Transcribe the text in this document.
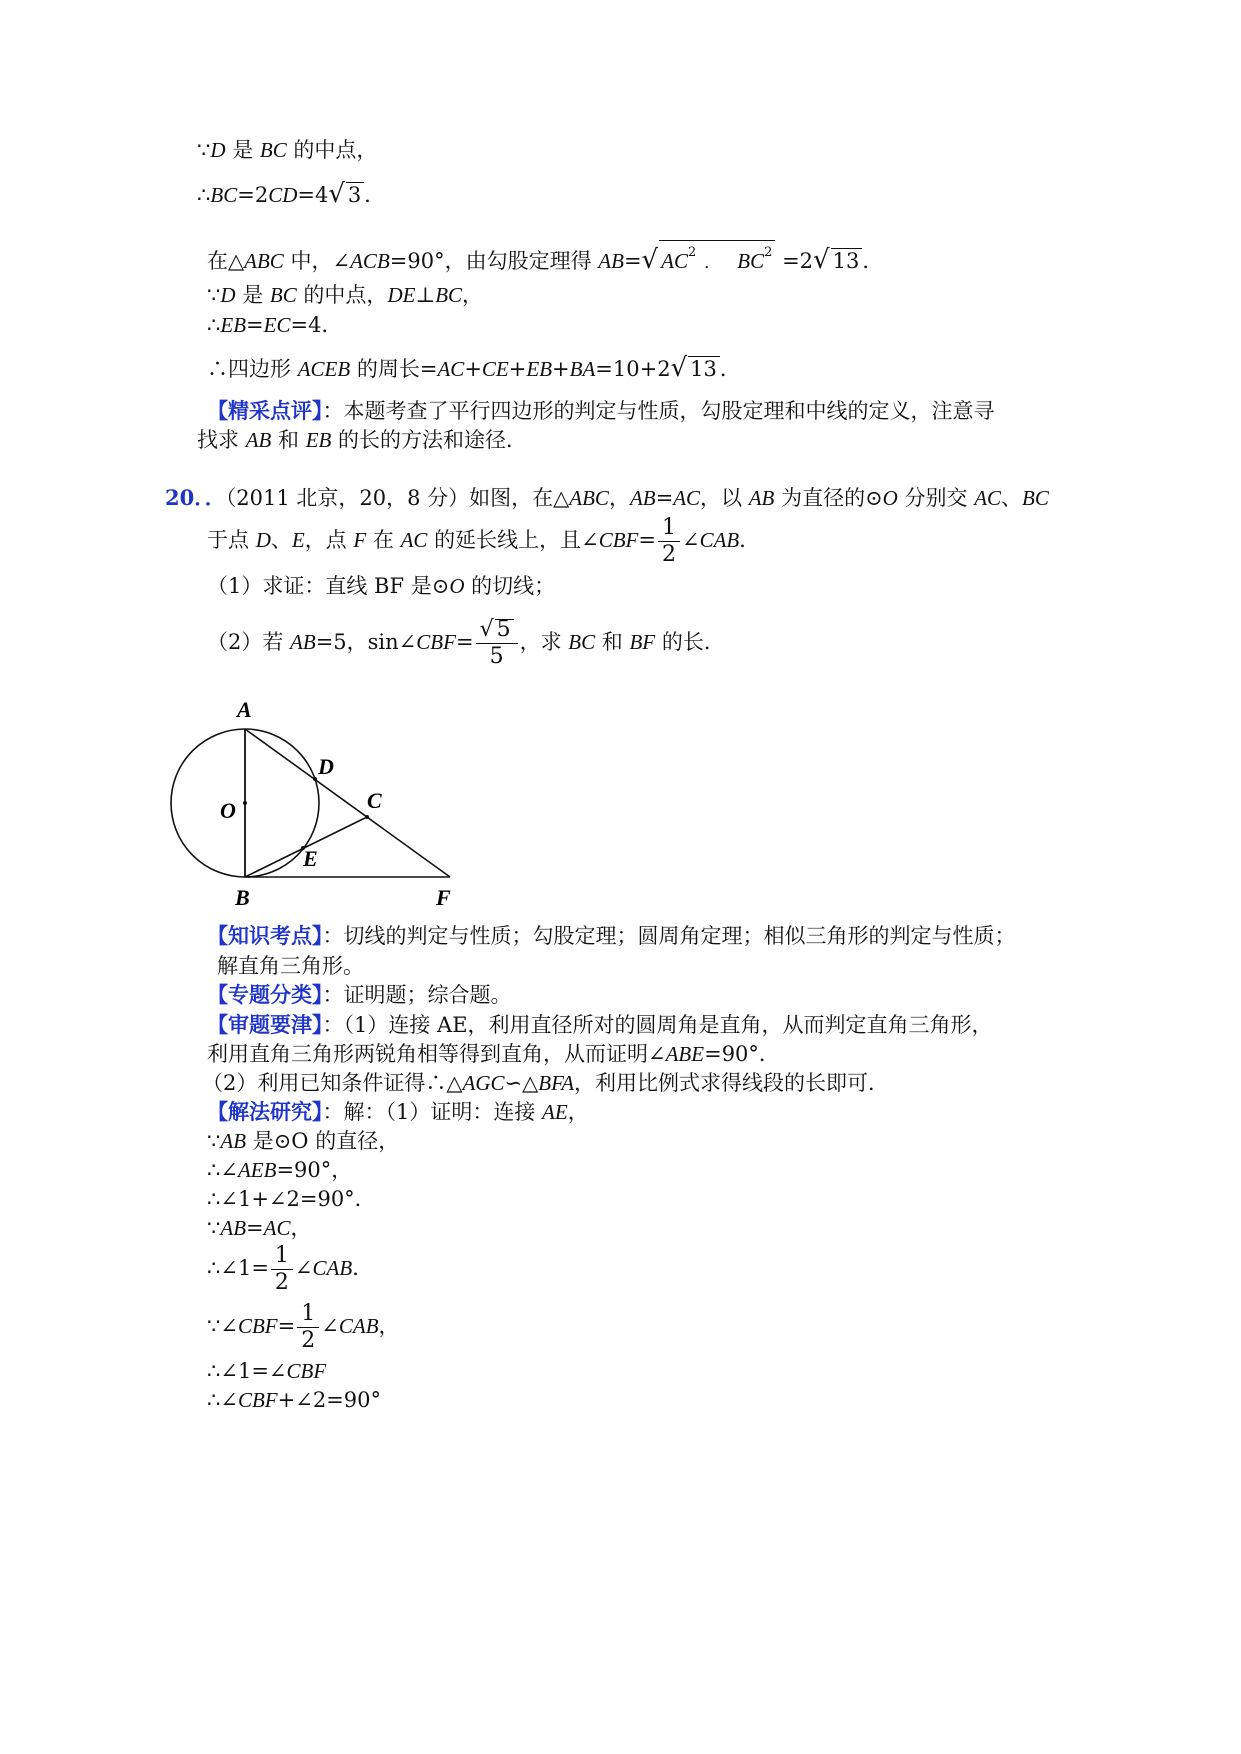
∵D 是 BC 的中点，
∴BC=2CD=4√ 3 ．
在△ABC 中，∠ACB=90°，由勾股定理得 AB=√ $AC^2﹒$ $BC^2 =2√$ 13 ．
∵D 是 BC 的中点，DE⊥BC，
∴EB=EC=4．
∴四边形 ACEB 的周长=AC+CE+EB+BA=10+2√ 13 ．
【精采点评】：本题考查了平行四边形的判定与性质，勾股定理和中线的定义，注意寻
找求 AB 和 EB 的长的方法和途径．
20．．（2011 北京，20，8 分）如图，在△ABC，AB=AC，以 AB 为直径的⊙O 分别交 AC、BC
于点 D、E，点 F 在 AC 的延长线上，且∠CBF= $\frac{1}{2}$ ∠CAB．
（1）求证：直线 BF 是⊙O 的切线；
（2）若 AB=5，sin∠CBF= $\frac{√ 5}{5}$ ，求 BC 和 BF 的长．
A
D
C
O
E
B	F
【知识考点】：切线的判定与性质；勾股定理；圆周角定理；相似三角形的判定与性质；
解直角三角形。
【专题分类】：证明题；综合题。
【审题要津】：（1）连接 AE，利用直径所对的圆周角是直角，从而判定直角三角形，
利用直角三角形两锐角相等得到直角，从而证明∠ABE=90°．
（2）利用已知条件证得∴△AGC∽△BFA，利用比例式求得线段的长即可．
【解法研究】：解：（1）证明：连接 AE，
∵AB 是⊙O 的直径，
∴∠AEB=90°，
∴∠1+∠2=90°．
∵AB=AC，
∴∠1= $\frac{1}{2}$ ∠CAB．
∵∠CBF= $\frac{1}{2}$ ∠CAB，
∴∠1=∠CBF
∴∠CBF+∠2=90°
